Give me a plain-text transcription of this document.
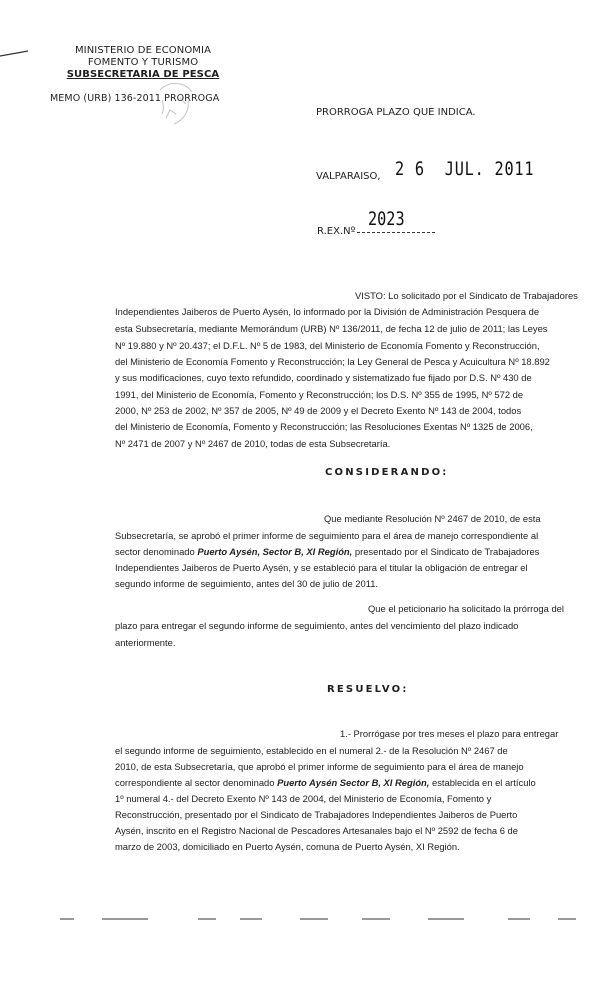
MINISTERIO DE ECONOMIA
FOMENTO Y TURISMO
SUBSECRETARIA DE PESCA
MEMO (URB) 136-2011 PRORROGA
PRORROGA PLAZO QUE INDICA.
VALPARAISO, 2 6  JUL. 2011
R.EX.Nº
2023
VISTO: Lo solicitado por el Sindicato de Trabajadores
Independientes Jaiberos de Puerto Aysén, lo informado por la División de Administración Pesquera de
esta Subsecretaría, mediante Memorándum (URB) Nº 136/2011, de fecha 12 de julio de 2011; las Leyes
Nº 19.880 y Nº 20.437; el D.F.L. Nº 5 de 1983, del Ministerio de Economía Fomento y Reconstrucción,
del Ministerio de Economía Fomento y Reconstrucción; la Ley General de Pesca y Acuicultura Nº 18.892
y sus modificaciones, cuyo texto refundido, coordinado y sistematizado fue fijado por D.S. Nº 430 de
1991, del Ministerio de Economía, Fomento y Reconstrucción; los D.S. Nº 355 de 1995, Nº 572 de
2000, Nº 253 de 2002, Nº 357 de 2005, Nº 49 de 2009 y el Decreto Exento Nº 143 de 2004, todos
del Ministerio de Economía, Fomento y Reconstrucción; las Resoluciones Exentas Nº 1325 de 2006,
Nº 2471 de 2007 y Nº 2467 de 2010, todas de esta Subsecretaría.
CONSIDERANDO:
Que mediante Resolución Nº 2467 de 2010, de esta
Subsecretaría, se aprobó el primer informe de seguimiento para el área de manejo correspondiente al
sector denominado Puerto Aysén, Sector B, XI Región, presentado por el Sindicato de Trabajadores
Independientes Jaiberos de Puerto Aysén, y se estableció para el titular la obligación de entregar el
segundo informe de seguimiento, antes del 30 de julio de 2011.
Que el peticionario ha solicitado la prórroga del
plazo para entregar el segundo informe de seguimiento, antes del vencimiento del plazo indicado
anteriormente.
RESUELVO:
1.- Prorrógase por tres meses el plazo para entregar
el segundo informe de seguimiento, establecido en el numeral 2.- de la Resolución Nº 2467 de
2010, de esta Subsecretaría, que aprobó el primer informe de seguimiento para el área de manejo
correspondiente al sector denominado Puerto Aysén Sector B, XI Región, establecida en el artículo
1º numeral 4.- del Decreto Exento Nº 143 de 2004, del Ministerio de Economía, Fomento y
Reconstrucción, presentado por el Sindicato de Trabajadores Independientes Jaiberos de Puerto
Aysén, inscrito en el Registro Nacional de Pescadores Artesanales bajo el Nº 2592 de fecha 6 de
marzo de 2003, domiciliado en Puerto Aysén, comuna de Puerto Aysén, XI Región.
